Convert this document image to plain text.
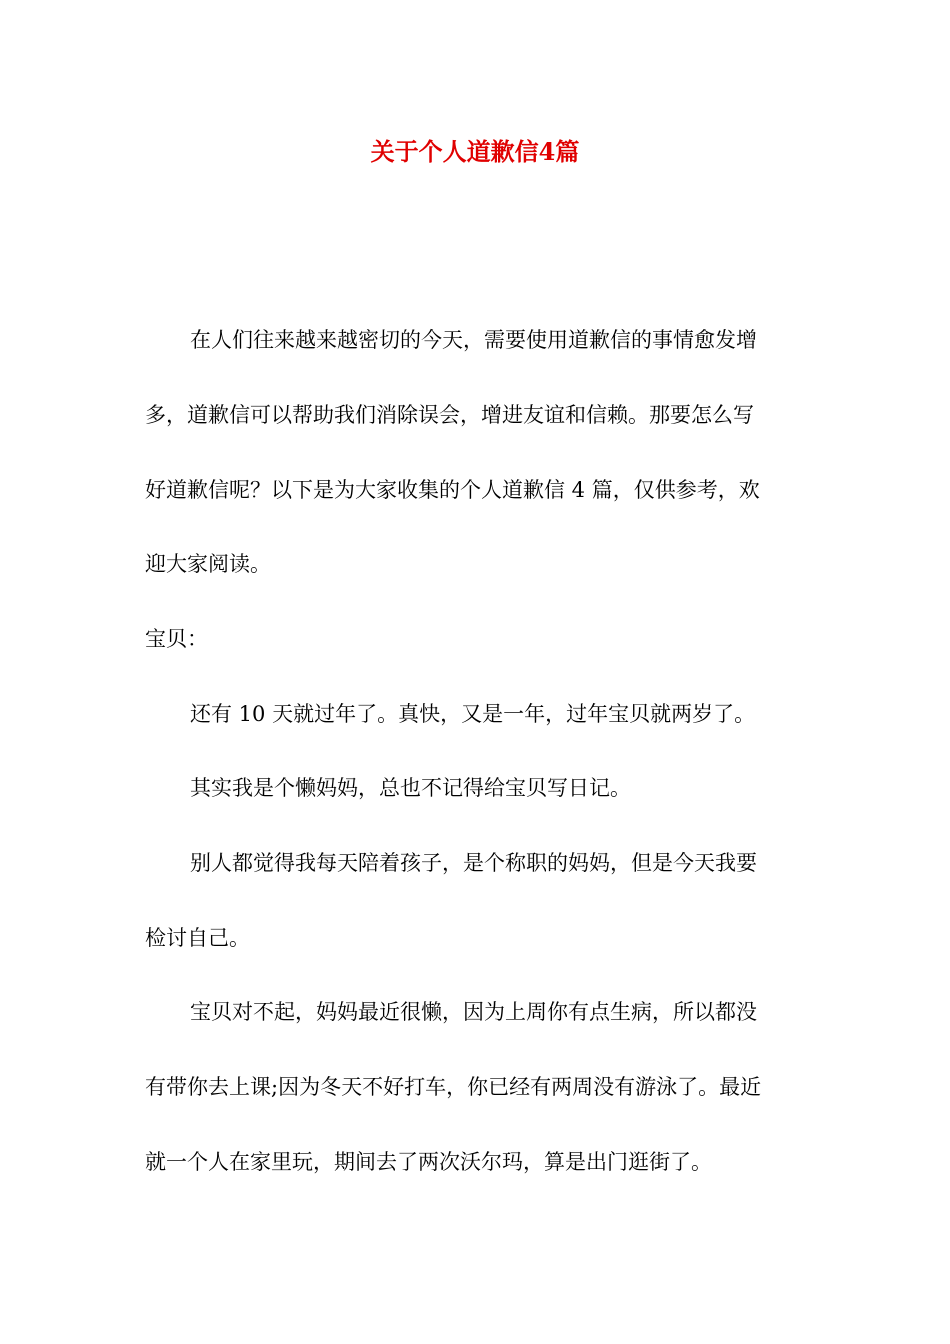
关于个人道歉信4篇
在人们往来越来越密切的今天，需要使用道歉信的事情愈发增
多，道歉信可以帮助我们消除误会，增进友谊和信赖。那要怎么写
好道歉信呢？以下是为大家收集的个人道歉信 4 篇，仅供参考，欢
迎大家阅读。
宝贝：
还有 10 天就过年了。真快，又是一年，过年宝贝就两岁了。
其实我是个懒妈妈，总也不记得给宝贝写日记。
别人都觉得我每天陪着孩子，是个称职的妈妈，但是今天我要
检讨自己。
宝贝对不起，妈妈最近很懒，因为上周你有点生病，所以都没
有带你去上课;因为冬天不好打车，你已经有两周没有游泳了。最近
就一个人在家里玩，期间去了两次沃尔玛，算是出门逛街了。
